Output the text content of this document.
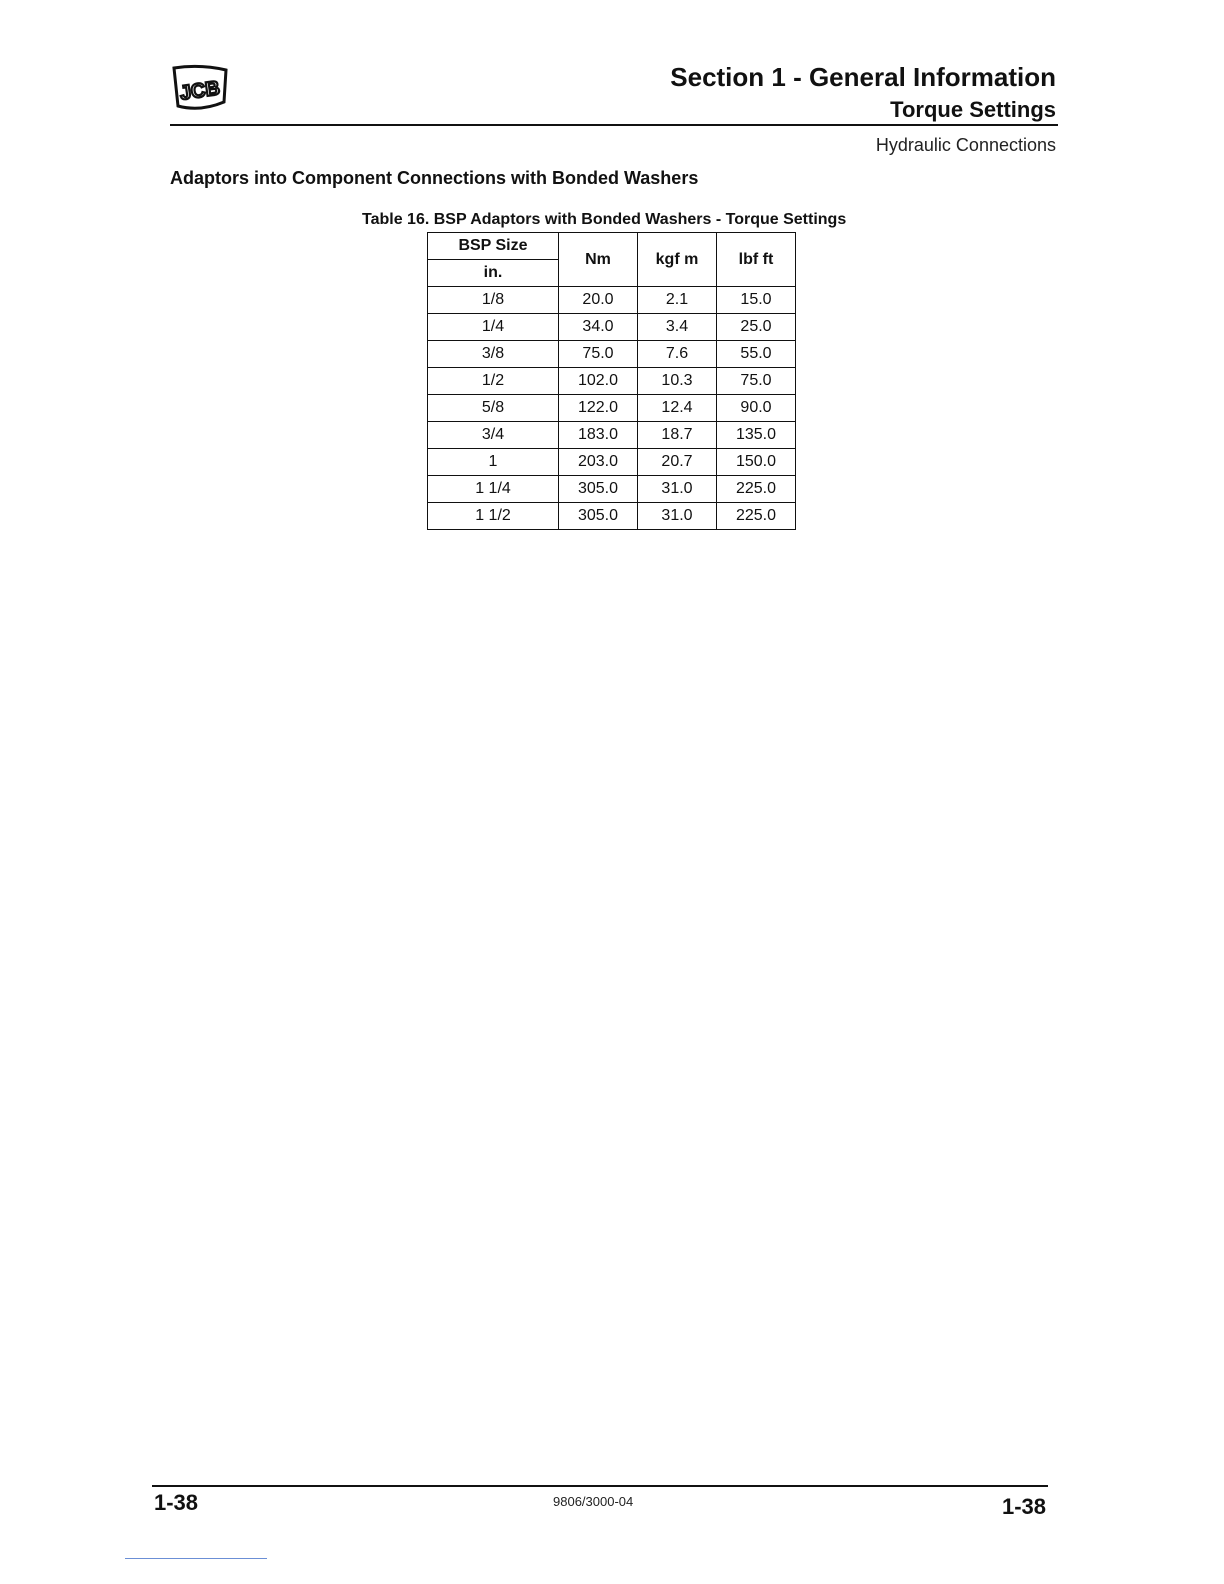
JCB	Section 1 - General Information
Torque Settings
Hydraulic Connections
Adaptors into Component Connections with Bonded Washers
Table 16. BSP Adaptors with Bonded Washers - Torque Settings
BSP Size	Nm	kgf m	lbf ft
in.			
1/8	20.0	2.1	15.0
1/4	34.0	3.4	25.0
3/8	75.0	7.6	55.0
1/2	102.0	10.3	75.0
5/8	122.0	12.4	90.0
3/4	183.0	18.7	135.0
1	203.0	20.7	150.0
1 1/4	305.0	31.0	225.0
1 1/2	305.0	31.0	225.0
1-38	9806/3000-04	1-38
